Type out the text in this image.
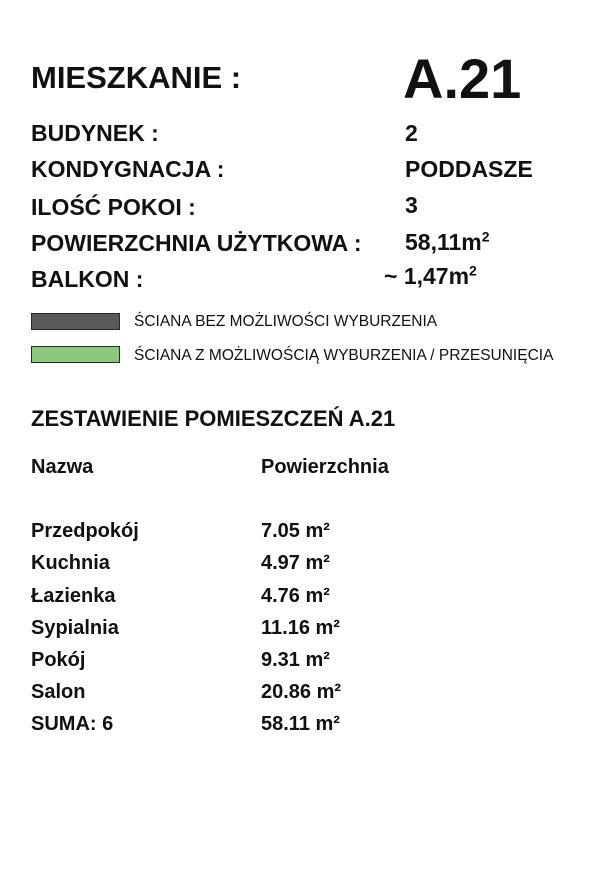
MIESZKANIE :	A.21
BUDYNEK :	2
KONDYGNACJA :	PODDASZE
ILOŚĆ POKOI :	3
POWIERZCHNIA UŻYTKOWA : $58,11m^2$
BALKON :	~ $1,47m^2$
ŚCIANA BEZ MOŻLIWOŚCI WYBURZENIA
ŚCIANA Z MOŻLIWOŚCIĄ WYBURZENIA / PRZESUNIĘCIA
ZESTAWIENIE POMIESZCZEŃ A.21
Nazwa	Powierzchnia
Przedpokój	7.05 m²
Kuchnia	4.97 m²
Łazienka	4.76 m²
Sypialnia	11.16 m²
Pokój	9.31 m²
Salon	20.86 m²
SUMA: 6	58.11 m²
